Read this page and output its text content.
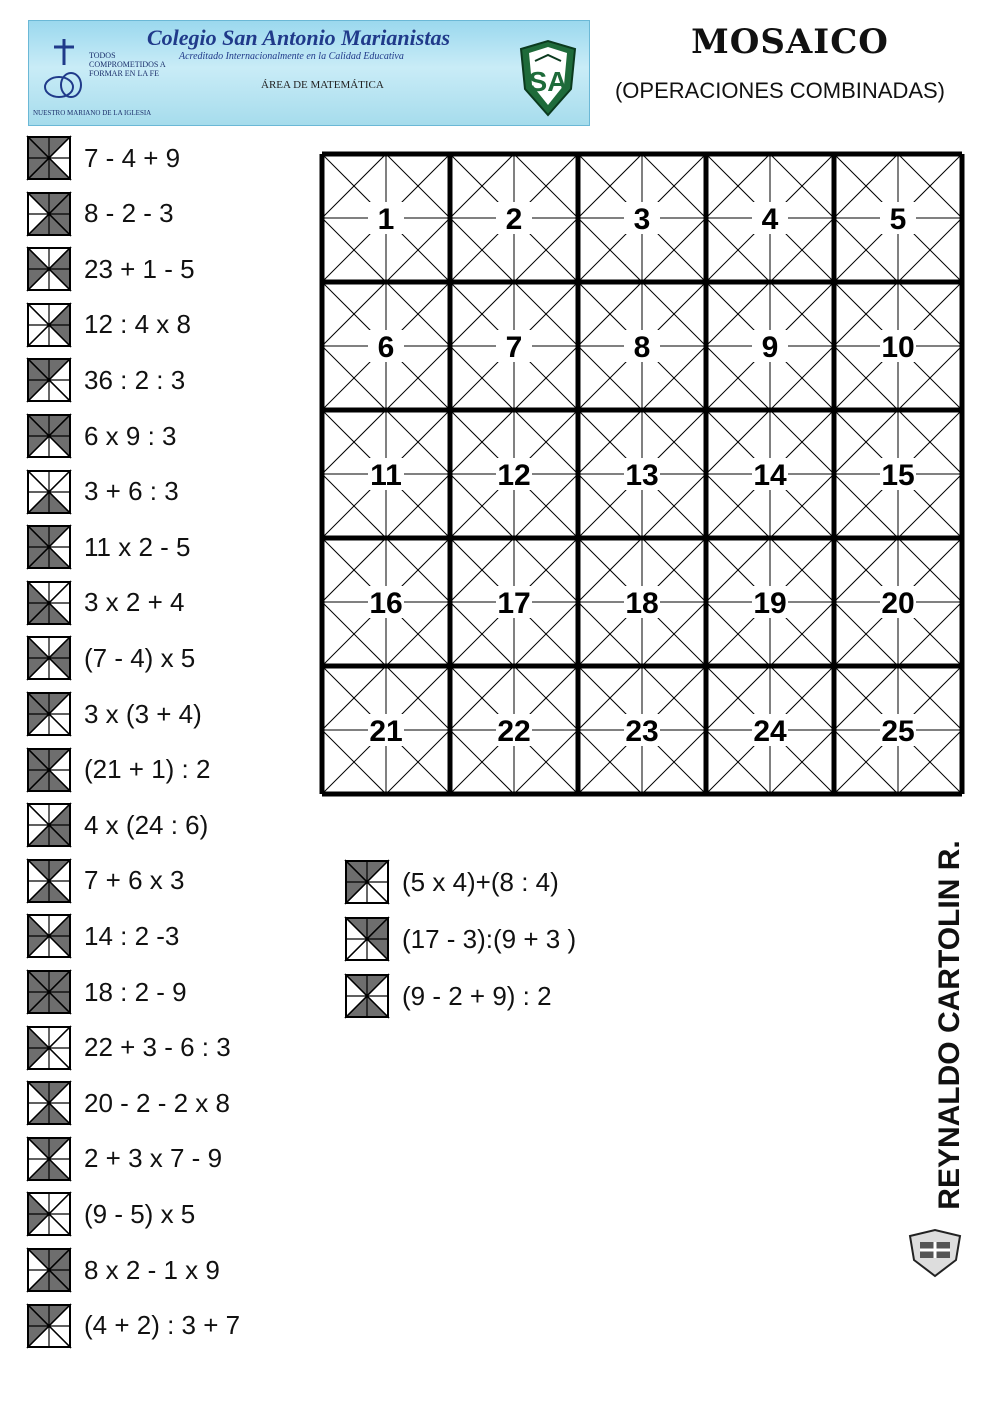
TODOS COMPROMETIDOS A FORMAR EN LA FE
Colegio San Antonio Marianistas
Acreditado Internacionalmente en la Calidad Educativa
ÁREA DE MATEMÁTICA
NUESTRO MARIANO DE LA IGLESIA
SA
MOSAICO
(OPERACIONES COMBINADAS)
7 - 4 + 9
8 - 2 - 3
23 + 1 - 5
12 : 4 x 8
36 : 2 : 3
6 x 9 : 3
3 + 6 : 3
11 x 2 - 5
3 x 2 + 4
(7 - 4) x 5
3 x (3 + 4)
(21 + 1) : 2
4 x (24 : 6)
7 + 6 x 3
14 : 2 -3
18 : 2 - 9
22 + 3 - 6 : 3
20 - 2 - 2 x 8
2 + 3 x 7 - 9
(9 - 5) x 5
8 x 2 - 1 x 9
(4 + 2) : 3 + 7
(5 x 4)+(8 : 4)
(17 - 3):(9 + 3 )
(9 - 2 + 9) : 2
1	2	3	4	5
6	7	8	9	10
11	12	13	14	15
16	17	18	19	20
21	22	23	24	25
REYNALDO CARTOLIN R.
